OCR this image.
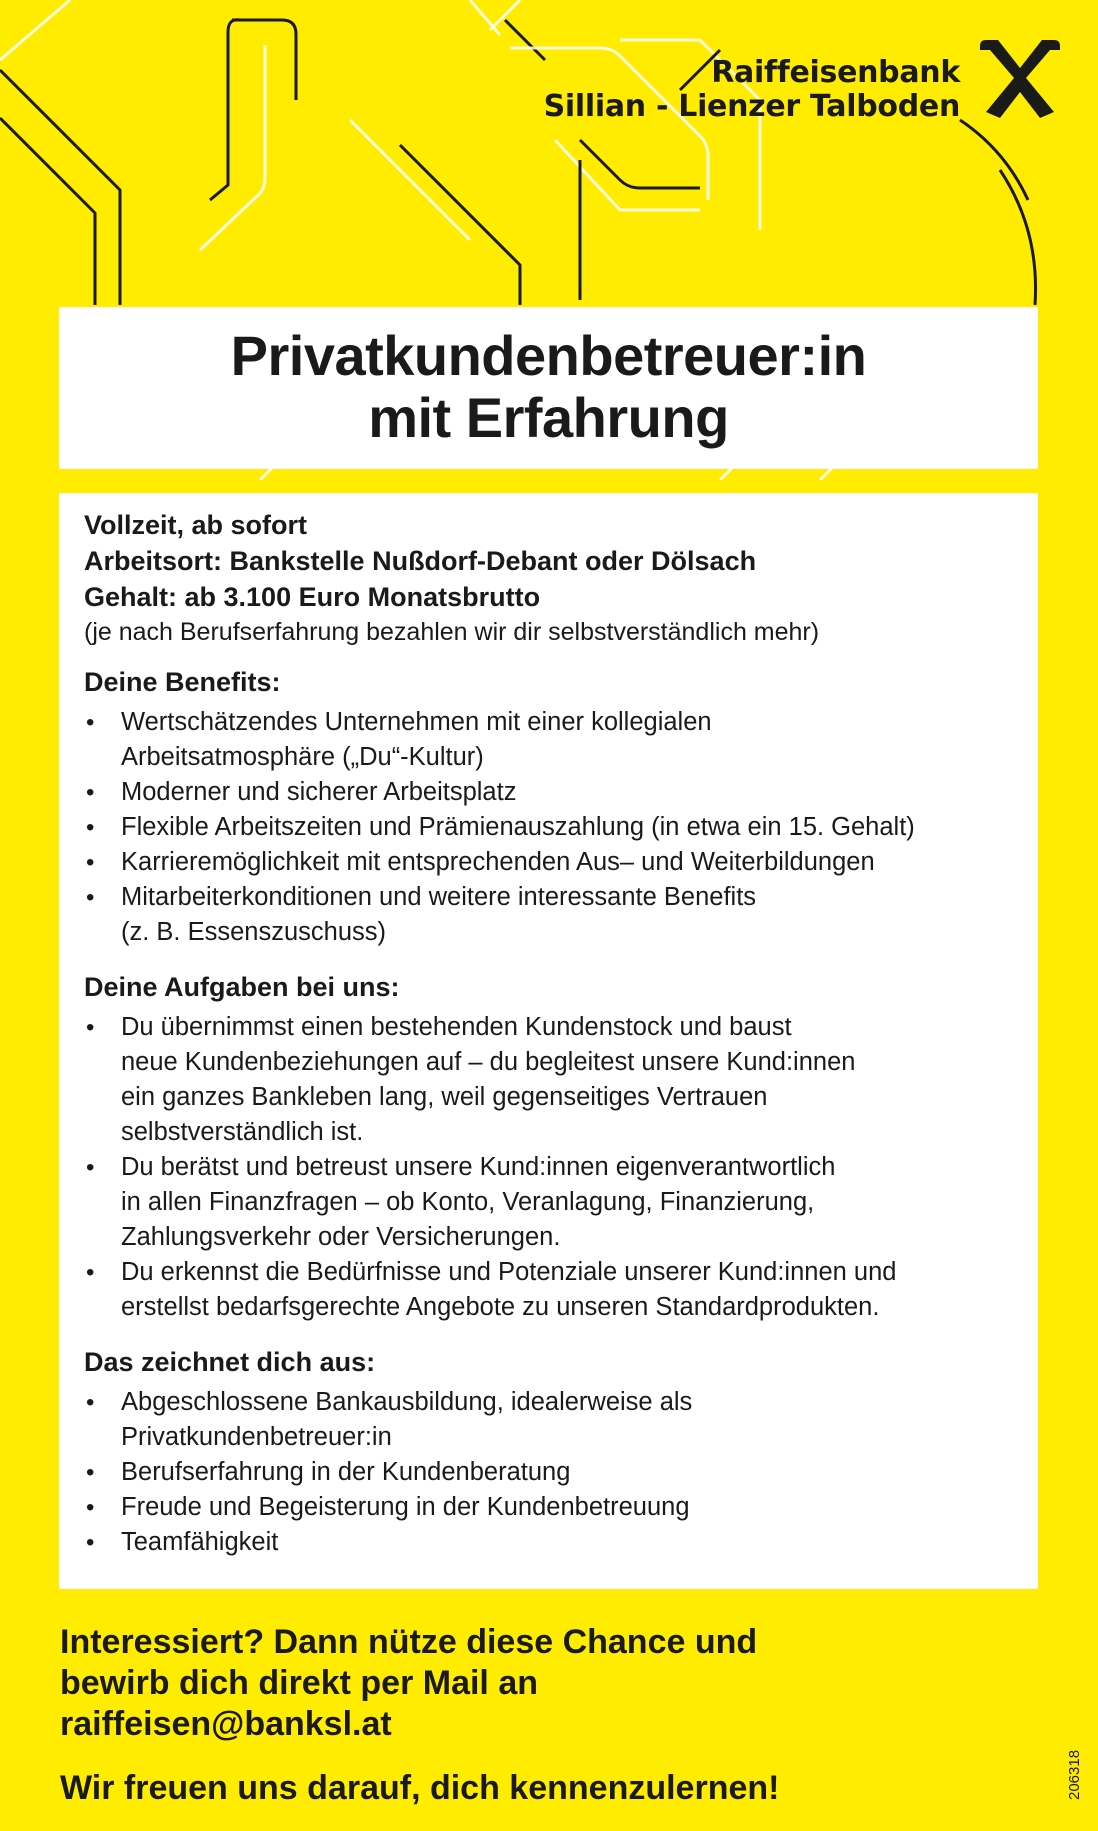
Raiffeisenbank
Sillian - Lienzer Talboden
Privatkundenbetreuer:in
mit Erfahrung
Vollzeit, ab sofort
Arbeitsort: Bankstelle Nußdorf-Debant oder Dölsach
Gehalt: ab 3.100 Euro Monatsbrutto
(je nach Berufserfahrung bezahlen wir dir selbstverständlich mehr)
Deine Benefits:
• Wertschätzendes Unternehmen mit einer kollegialen
Arbeitsatmosphäre („Du“-Kultur)
• Moderner und sicherer Arbeitsplatz
• Flexible Arbeitszeiten und Prämienauszahlung (in etwa ein 15. Gehalt)
• Karrieremöglichkeit mit entsprechenden Aus– und Weiterbildungen
• Mitarbeiterkonditionen und weitere interessante Benefits
(z. B. Essenszuschuss)
Deine Aufgaben bei uns:
• Du übernimmst einen bestehenden Kundenstock und baust
neue Kundenbeziehungen auf – du begleitest unsere Kund:innen
ein ganzes Bankleben lang, weil gegenseitiges Vertrauen
selbstverständlich ist.
• Du berätst und betreust unsere Kund:innen eigenverantwortlich
in allen Finanzfragen – ob Konto, Veranlagung, Finanzierung,
Zahlungsverkehr oder Versicherungen.
• Du erkennst die Bedürfnisse und Potenziale unserer Kund:innen und
erstellst bedarfsgerechte Angebote zu unseren Standardprodukten.
Das zeichnet dich aus:
• Abgeschlossene Bankausbildung, idealerweise als
Privatkundenbetreuer:in
• Berufserfahrung in der Kundenberatung
• Freude und Begeisterung in der Kundenbetreuung
• Teamfähigkeit
Interessiert? Dann nütze diese Chance und
bewirb dich direkt per Mail an
raiffeisen@banksl.at
Wir freuen uns darauf, dich kennenzulernen!	206318
